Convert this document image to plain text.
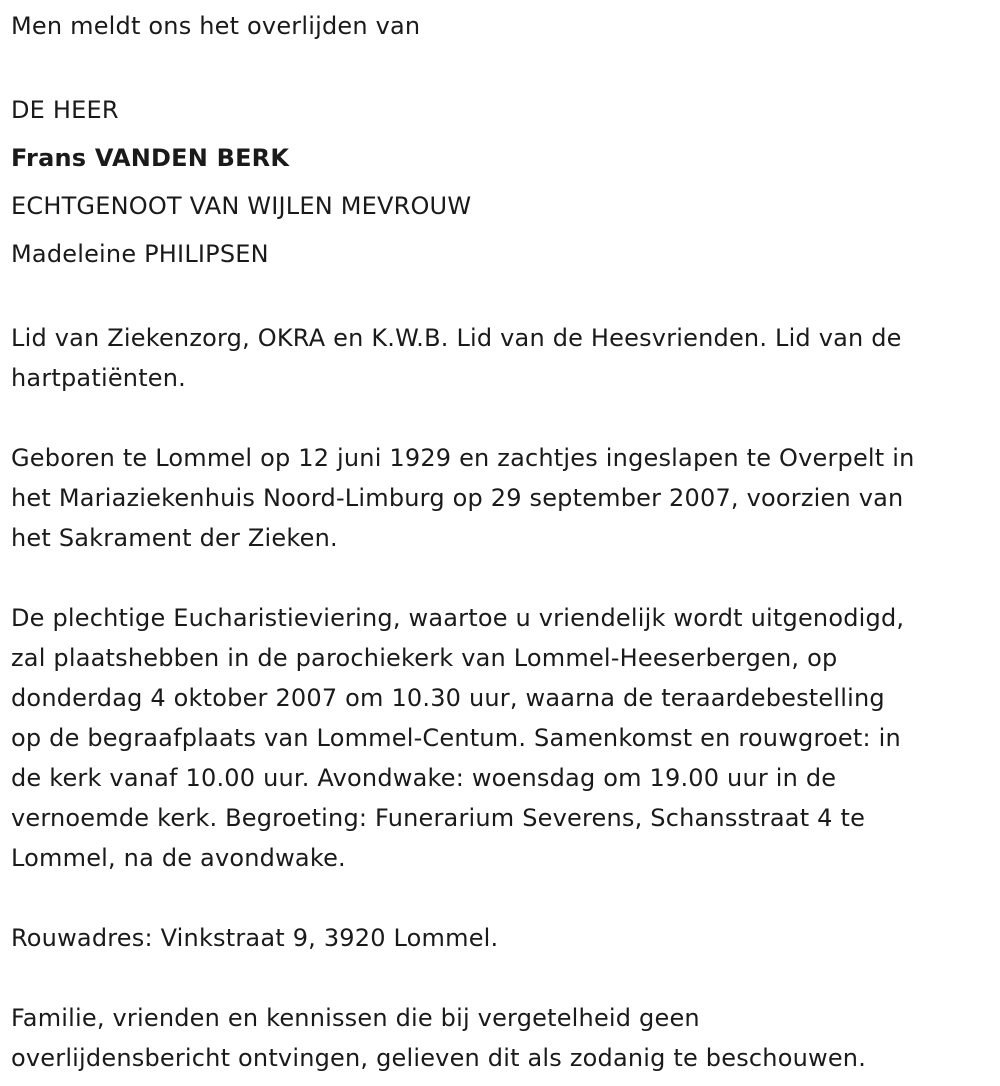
Men meldt ons het overlijden van
DE HEER
Frans VANDEN BERK
ECHTGENOOT VAN WIJLEN MEVROUW
Madeleine PHILIPSEN
Lid van Ziekenzorg, OKRA en K.W.B. Lid van de Heesvrienden. Lid van de
hartpatiënten.
Geboren te Lommel op 12 juni 1929 en zachtjes ingeslapen te Overpelt in
het Mariaziekenhuis Noord-Limburg op 29 september 2007, voorzien van
het Sakrament der Zieken.
De plechtige Eucharistieviering, waartoe u vriendelijk wordt uitgenodigd,
zal plaatshebben in de parochiekerk van Lommel-Heeserbergen, op
donderdag 4 oktober 2007 om 10.30 uur, waarna de teraardebestelling
op de begraafplaats van Lommel-Centum. Samenkomst en rouwgroet: in
de kerk vanaf 10.00 uur. Avondwake: woensdag om 19.00 uur in de
vernoemde kerk. Begroeting: Funerarium Severens, Schansstraat 4 te
Lommel, na de avondwake.
Rouwadres: Vinkstraat 9, 3920 Lommel.
Familie, vrienden en kennissen die bij vergetelheid geen
overlijdensbericht ontvingen, gelieven dit als zodanig te beschouwen.
